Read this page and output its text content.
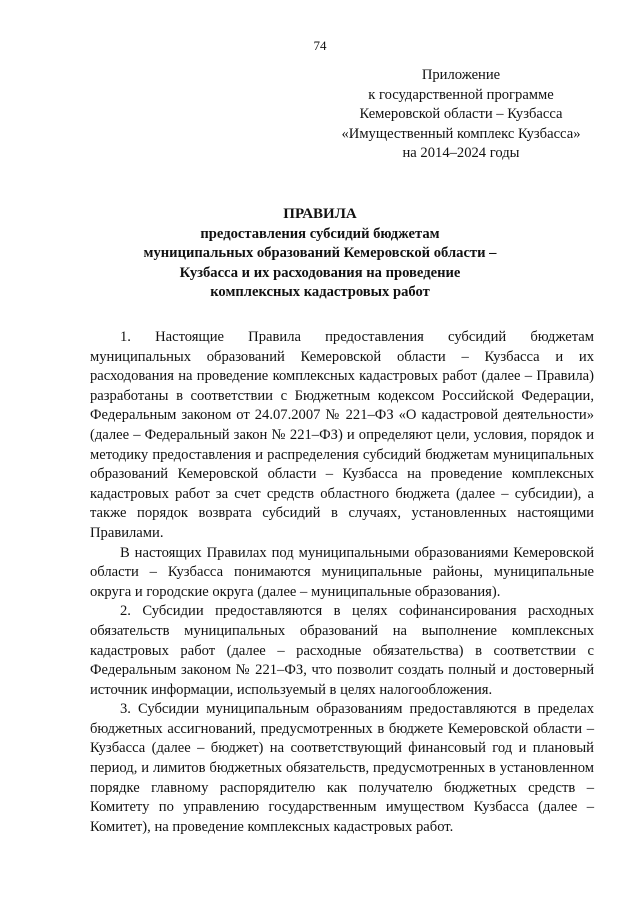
74
Приложение
к государственной программе
Кемеровской области – Кузбасса
«Имущественный комплекс Кузбасса»
на 2014–2024 годы
ПРАВИЛА
предоставления субсидий бюджетам
муниципальных образований Кемеровской области –
Кузбасса и их расходования на проведение
комплексных кадастровых работ

1. Настоящие Правила предоставления субсидий бюджетам муниципальных образований Кемеровской области – Кузбасса и их расходования на проведение комплексных кадастровых работ (далее – Правила) разработаны в соответствии с Бюджетным кодексом Российской Федерации, Федеральным законом от 24.07.2007 № 221–ФЗ «О кадастровой деятельности» (далее – Федеральный закон № 221–ФЗ) и определяют цели, условия, порядок и методику предоставления и распределения субсидий бюджетам муниципальных образований Кемеровской области – Кузбасса на проведение комплексных кадастровых работ за счет средств областного бюджета (далее – субсидии), а также порядок возврата субсидий в случаях, установленных настоящими Правилами.

В настоящих Правилах под муниципальными образованиями Кемеровской области – Кузбасса понимаются муниципальные районы, муниципальные округа и городские округа (далее – муниципальные образования).

2. Субсидии предоставляются в целях софинансирования расходных обязательств муниципальных образований на выполнение комплексных кадастровых работ (далее – расходные обязательства) в соответствии с Федеральным законом № 221–ФЗ, что позволит создать полный и достоверный источник информации, используемый в целях налогообложения.

3. Субсидии муниципальным образованиям предоставляются в пределах бюджетных ассигнований, предусмотренных в бюджете Кемеровской области – Кузбасса (далее – бюджет) на соответствующий финансовый год и плановый период, и лимитов бюджетных обязательств, предусмотренных в установленном порядке главному распорядителю как получателю бюджетных средств – Комитету по управлению государственным имуществом Кузбасса (далее – Комитет), на проведение комплексных кадастровых работ.
